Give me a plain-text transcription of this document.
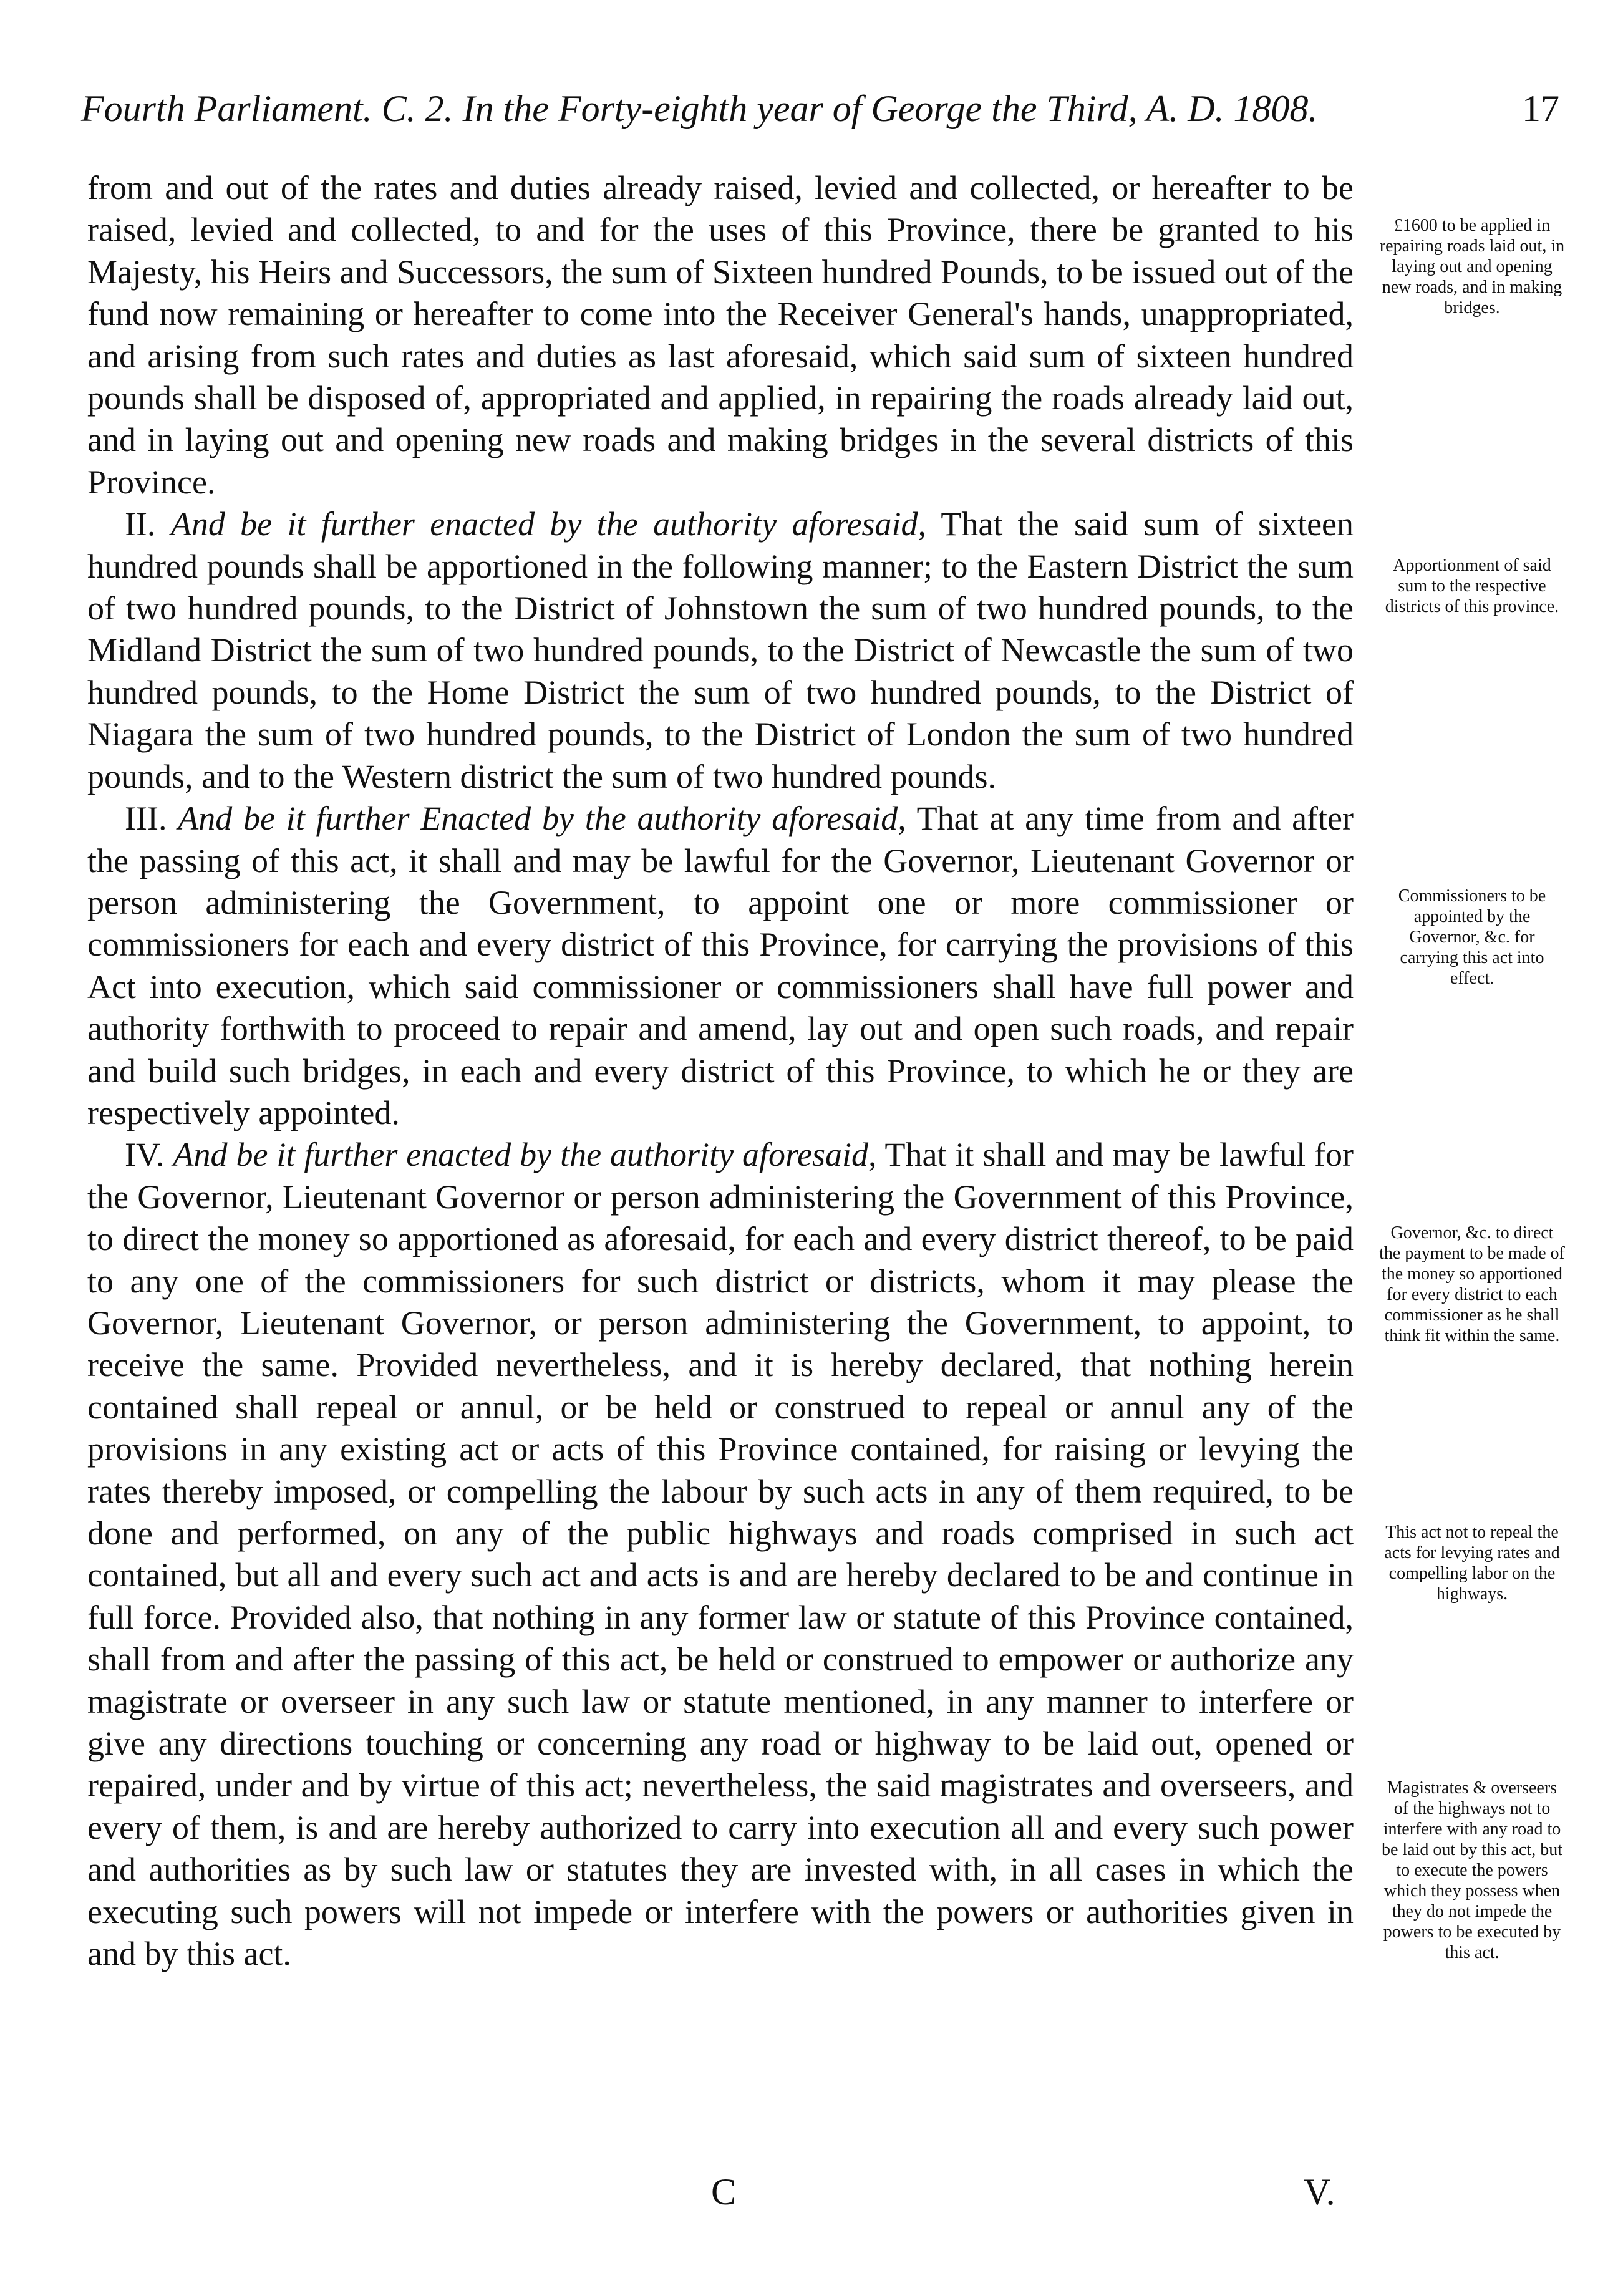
Fourth Parliament. C. 2. In the Forty-eighth year of George the Third, A. D. 1808.	17

from and out of the rates and duties already raised, levied and collected, or hereafter to be raised, levied and collected, to and for the uses of this Province, there be granted to his Majesty, his Heirs and Successors, the sum of Sixteen hundred Pounds, to be issued out of the fund now remaining or hereafter to come into the Receiver General's hands, unappropriated, and arising from such rates and duties as last aforesaid, which said sum of sixteen hundred pounds shall be disposed of, appropriated and applied, in repairing the roads already laid out, and in laying out and opening new roads and making bridges in the several districts of this Province.

II. And be it further enacted by the authority aforesaid, That the said sum of sixteen hundred pounds shall be apportioned in the following manner; to the Eastern District the sum of two hundred pounds, to the District of Johnstown the sum of two hundred pounds, to the Midland District the sum of two hundred pounds, to the District of Newcastle the sum of two hundred pounds, to the Home District the sum of two hundred pounds, to the District of Niagara the sum of two hundred pounds, to the District of London the sum of two hundred pounds, and to the Western district the sum of two hundred pounds.

III. And be it further Enacted by the authority aforesaid, That at any time from and after the passing of this act, it shall and may be lawful for the Governor, Lieutenant Governor or person administering the Government, to appoint one or more commissioner or commissioners for each and every district of this Province, for carrying the provisions of this Act into execution, which said commissioner or commissioners shall have full power and authority forthwith to proceed to repair and amend, lay out and open such roads, and repair and build such bridges, in each and every district of this Province, to which he or they are respectively appointed.

IV. And be it further enacted by the authority aforesaid, That it shall and may be lawful for the Governor, Lieutenant Governor or person administering the Government of this Province, to direct the money so apportioned as aforesaid, for each and every district thereof, to be paid to any one of the commissioners for such district or districts, whom it may please the Governor, Lieutenant Governor, or person administering the Government, to appoint, to receive the same. Provided nevertheless, and it is hereby declared, that nothing herein contained shall repeal or annul, or be held or construed to repeal or annul any of the provisions in any existing act or acts of this Province contained, for raising or levying the rates thereby imposed, or compelling the labour by such acts in any of them required, to be done and performed, on any of the public highways and roads comprised in such act contained, but all and every such act and acts is and are hereby declared to be and continue in full force. Provided also, that nothing in any former law or statute of this Province contained, shall from and after the passing of this act, be held or construed to empower or authorize any magistrate or overseer in any such law or statute mentioned, in any manner to interfere or give any directions touching or concerning any road or highway to be laid out, opened or repaired, under and by virtue of this act; nevertheless, the said magistrates and overseers, and every of them, is and are hereby authorized to carry into execution all and every such power and authorities as by such law or statutes they are invested with, in all cases in which the executing such powers will not impede or interfere with the powers or authorities given in and by this act.

£1600 to be applied in repairing roads laid out, in laying out and opening new roads, and in making bridges.
Apportionment of said sum to the respective districts of this province.
Commissioners to be appointed by the Governor, &c. for carrying this act into effect.
Governor, &c. to direct the payment to be made of the money so apportioned for every district to each commissioner as he shall think fit within the same.
This act not to repeal the acts for levying rates and compelling labor on the highways.
Magistrates & overseers of the highways not to interfere with any road to be laid out by this act, but to execute the powers which they possess when they do not impede the powers to be executed by this act.
C	V.
